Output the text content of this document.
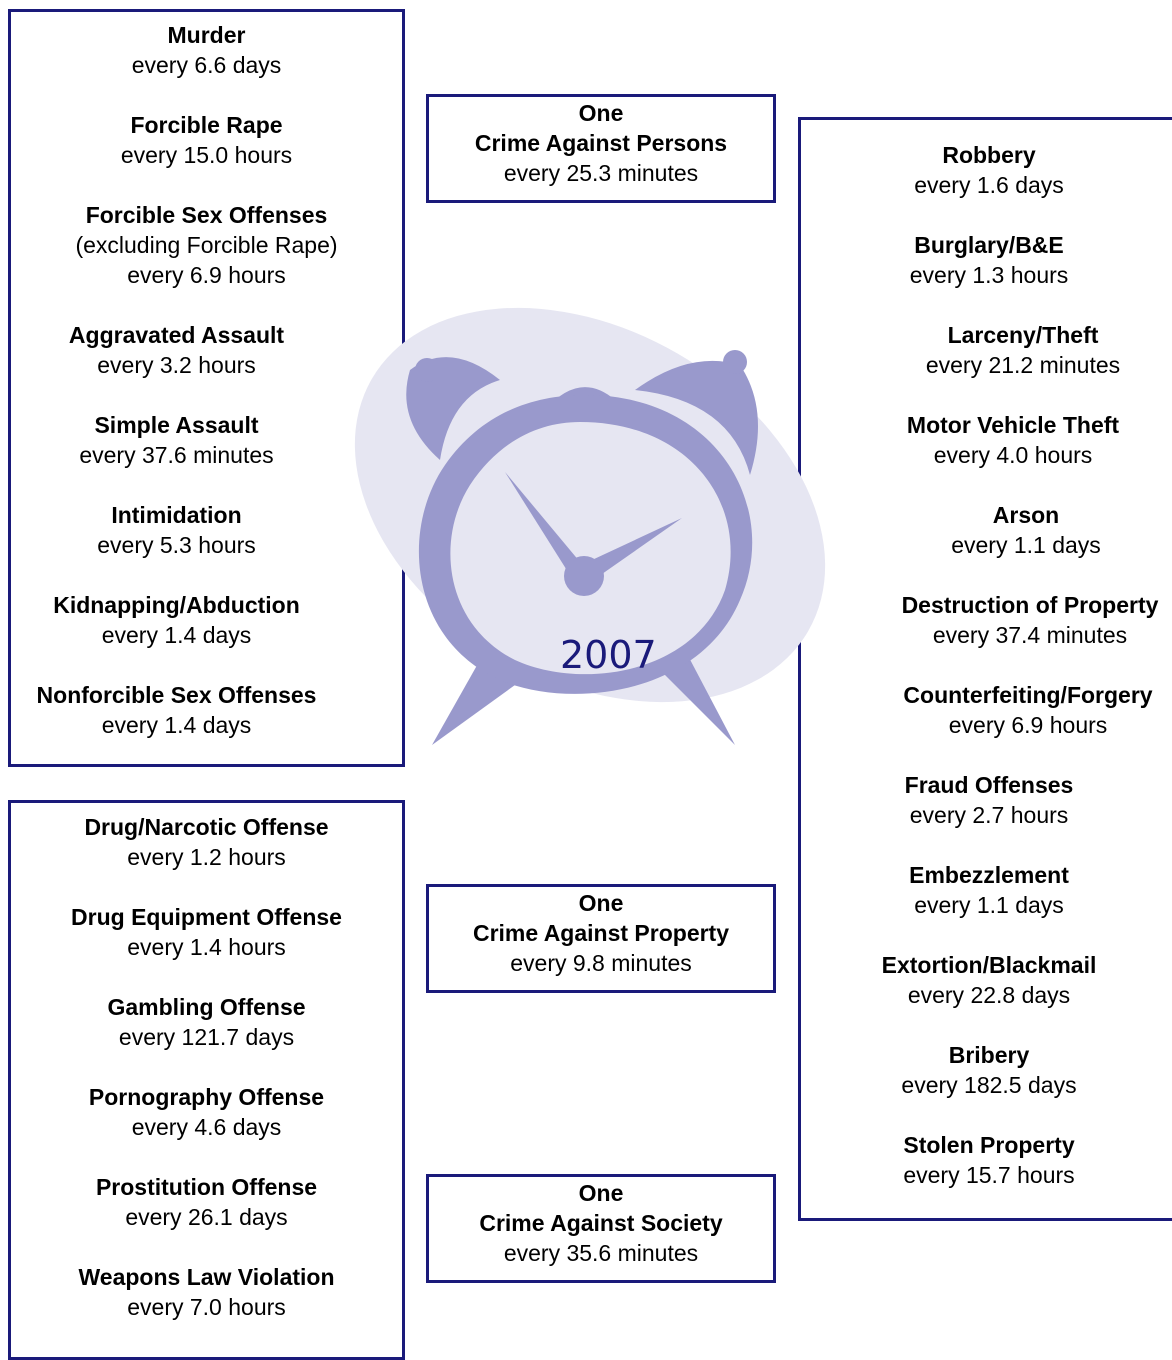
Murder
every 6.6 days
Forcible Rape
every 15.0 hours
Forcible Sex Offenses
(excluding Forcible Rape)
every 6.9 hours
Aggravated Assault
every 3.2 hours
Simple Assault
every 37.6 minutes
Intimidation
every 5.3 hours
Kidnapping/Abduction
every 1.4 days
Nonforcible Sex Offenses
every 1.4 days
Drug/Narcotic Offense
every 1.2 hours
Drug Equipment Offense
every 1.4 hours
Gambling Offense
every 121.7 days
Pornography Offense
every 4.6 days
Prostitution Offense
every 26.1 days
Weapons Law Violation
every 7.0 hours
Robbery
every 1.6 days
Burglary/B&E
every 1.3 hours
Larceny/Theft
every 21.2 minutes
Motor Vehicle Theft
every 4.0 hours
Arson
every 1.1 days
Destruction of Property
every 37.4 minutes
Counterfeiting/Forgery
every 6.9 hours
Fraud Offenses
every 2.7 hours
Embezzlement
every 1.1 days
Extortion/Blackmail
every 22.8 days
Bribery
every 182.5 days
Stolen Property
every 15.7 hours
2007
One
Crime Against Persons
every 25.3 minutes
One
Crime Against Property
every 9.8 minutes
One
Crime Against Society
every 35.6 minutes
